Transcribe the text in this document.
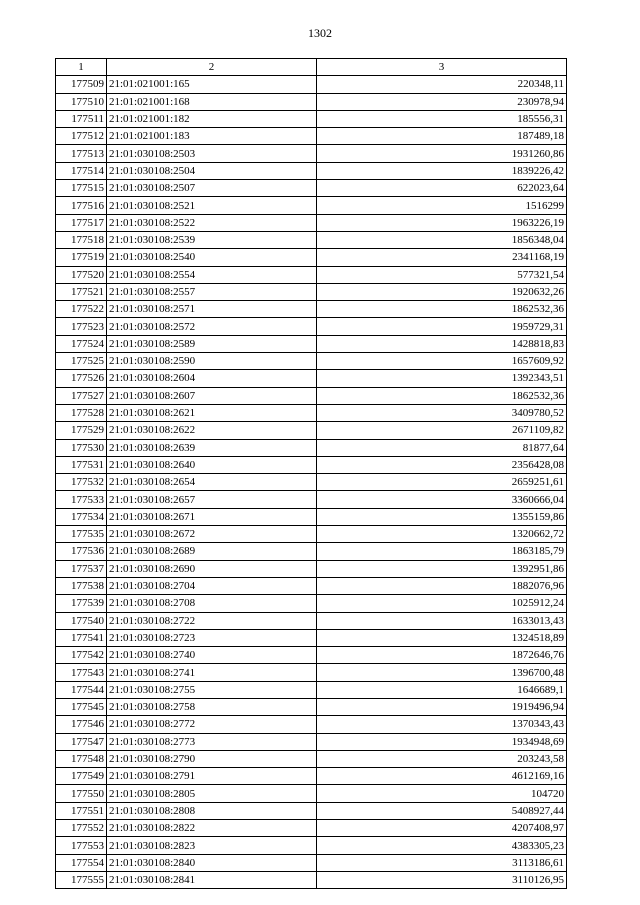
1302
1	2	3
177509	21:01:021001:165	220348,11
177510	21:01:021001:168	230978,94
177511	21:01:021001:182	185556,31
177512	21:01:021001:183	187489,18
177513	21:01:030108:2503	1931260,86
177514	21:01:030108:2504	1839226,42
177515	21:01:030108:2507	622023,64
177516	21:01:030108:2521	1516299
177517	21:01:030108:2522	1963226,19
177518	21:01:030108:2539	1856348,04
177519	21:01:030108:2540	2341168,19
177520	21:01:030108:2554	577321,54
177521	21:01:030108:2557	1920632,26
177522	21:01:030108:2571	1862532,36
177523	21:01:030108:2572	1959729,31
177524	21:01:030108:2589	1428818,83
177525	21:01:030108:2590	1657609,92
177526	21:01:030108:2604	1392343,51
177527	21:01:030108:2607	1862532,36
177528	21:01:030108:2621	3409780,52
177529	21:01:030108:2622	2671109,82
177530	21:01:030108:2639	81877,64
177531	21:01:030108:2640	2356428,08
177532	21:01:030108:2654	2659251,61
177533	21:01:030108:2657	3360666,04
177534	21:01:030108:2671	1355159,86
177535	21:01:030108:2672	1320662,72
177536	21:01:030108:2689	1863185,79
177537	21:01:030108:2690	1392951,86
177538	21:01:030108:2704	1882076,96
177539	21:01:030108:2708	1025912,24
177540	21:01:030108:2722	1633013,43
177541	21:01:030108:2723	1324518,89
177542	21:01:030108:2740	1872646,76
177543	21:01:030108:2741	1396700,48
177544	21:01:030108:2755	1646689,1
177545	21:01:030108:2758	1919496,94
177546	21:01:030108:2772	1370343,43
177547	21:01:030108:2773	1934948,69
177548	21:01:030108:2790	203243,58
177549	21:01:030108:2791	4612169,16
177550	21:01:030108:2805	104720
177551	21:01:030108:2808	5408927,44
177552	21:01:030108:2822	4207408,97
177553	21:01:030108:2823	4383305,23
177554	21:01:030108:2840	3113186,61
177555	21:01:030108:2841	3110126,95
